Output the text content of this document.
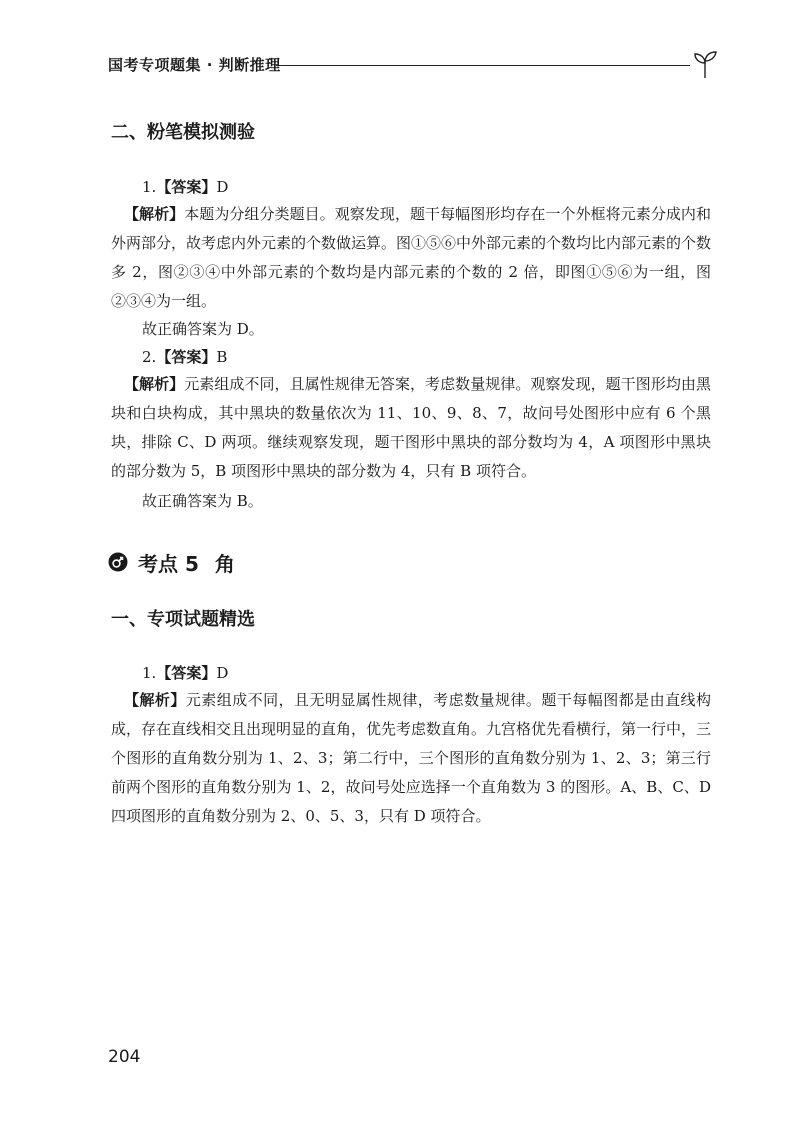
国考专项题集 · 判断推理
二、粉笔模拟测验
1.【答案】D

【解析】本题为分组分类题目。观察发现，题干每幅图形均存在一个外框将元素分成内和外两部分，故考虑内外元素的个数做运算。图①⑤⑥中外部元素的个数均比内部元素的个数多 2，图②③④中外部元素的个数均是内部元素的个数的 2 倍，即图①⑤⑥为一组，图②③④为一组。

故正确答案为 D。
2.【答案】B

【解析】元素组成不同，且属性规律无答案，考虑数量规律。观察发现，题干图形均由黑块和白块构成，其中黑块的数量依次为 11、10、9、8、7，故问号处图形中应有 6 个黑块，排除 C、D 两项。继续观察发现，题干图形中黑块的部分数均为 4，A 项图形中黑块的部分数为 5，B 项图形中黑块的部分数为 4，只有 B 项符合。

故正确答案为 B。
考点 5 角
一、专项试题精选
1.【答案】D

【解析】元素组成不同，且无明显属性规律，考虑数量规律。题干每幅图都是由直线构成，存在直线相交且出现明显的直角，优先考虑数直角。九宫格优先看横行，第一行中，三个图形的直角数分别为 1、2、3；第二行中，三个图形的直角数分别为 1、2、3；第三行前两个图形的直角数分别为 1、2，故问号处应选择一个直角数为 3 的图形。A、B、C、D 四项图形的直角数分别为 2、0、5、3，只有 D 项符合。

204
